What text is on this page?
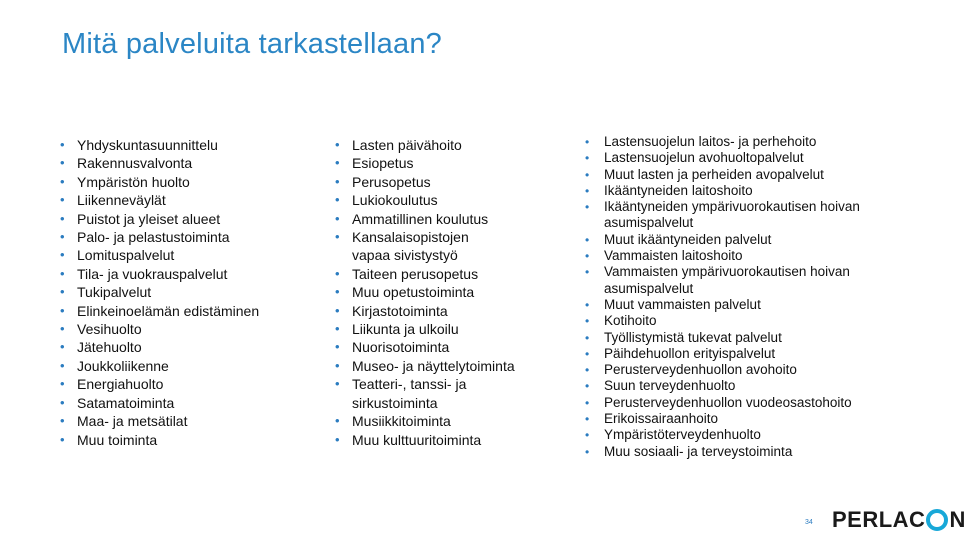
Mitä palveluita tarkastellaan?
• Yhdyskuntasuunnittelu
• Rakennusvalvonta
• Ympäristön huolto
• Liikenneväylät
• Puistot ja yleiset alueet
• Palo- ja pelastustoiminta
• Lomituspalvelut
• Tila- ja vuokrauspalvelut
• Tukipalvelut
• Elinkeinoelämän edistäminen
• Vesihuolto
• Jätehuolto
• Joukkoliikenne
• Energiahuolto
• Satamatoiminta
• Maa- ja metsätilat
• Muu toiminta
• Lasten päivähoito
• Esiopetus
• Perusopetus
• Lukiokoulutus
• Ammatillinen koulutus
• Kansalaisopistojen vapaa sivistystyö
• Taiteen perusopetus
• Muu opetustoiminta
• Kirjastotoiminta
• Liikunta ja ulkoilu
• Nuorisotoiminta
• Museo- ja näyttelytoiminta
• Teatteri-, tanssi- ja sirkustoiminta
• Musiikkitoiminta
• Muu kulttuuritoiminta
• Lastensuojelun laitos- ja perhehoito
• Lastensuojelun avohuoltopalvelut
• Muut lasten ja perheiden avopalvelut
• Ikääntyneiden laitoshoito
• Ikääntyneiden ympärivuorokautisen hoivan asumispalvelut
• Muut ikääntyneiden palvelut
• Vammaisten laitoshoito
• Vammaisten ympärivuorokautisen hoivan asumispalvelut
• Muut vammaisten palvelut
• Kotihoito
• Työllistymistä tukevat palvelut
• Päihdehuollon erityispalvelut
• Perusterveydenhuollon avohoito
• Suun terveydenhuolto
• Perusterveydenhuollon vuodeosastohoito
• Erikoissairaanhoito
• Ympäristöterveydenhuolto
• Muu sosiaali- ja terveystoiminta
34 PERLAC N
